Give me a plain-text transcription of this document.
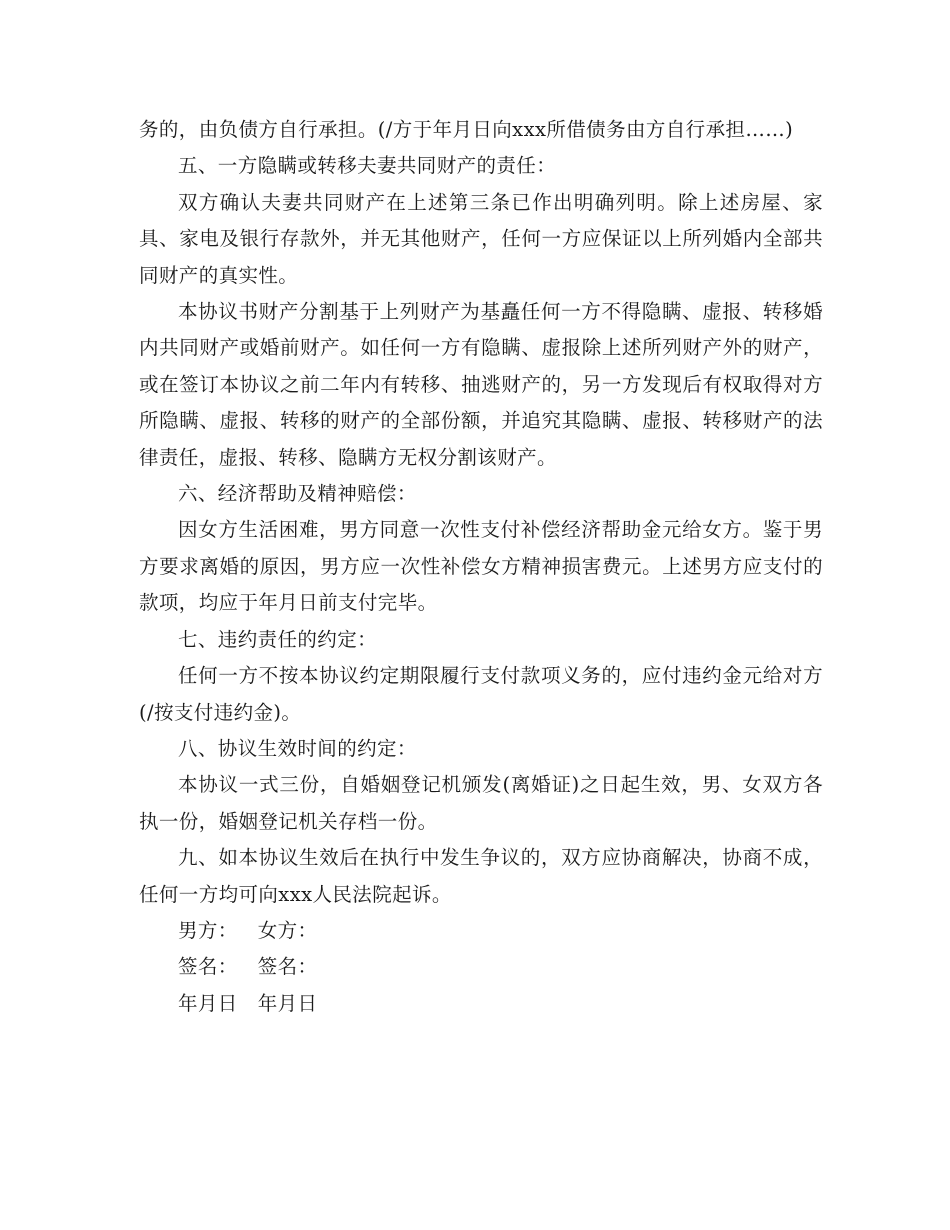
务的，由负债方自行承担。(/方于年月日向xxx所借债务由方自行承担……)

五、一方隐瞒或转移夫妻共同财产的责任：

双方确认夫妻共同财产在上述第三条已作出明确列明。除上述房屋、家具、家电及银行存款外，并无其他财产，任何一方应保证以上所列婚内全部共同财产的真实性。

本协议书财产分割基于上列财产为基矗任何一方不得隐瞒、虚报、转移婚内共同财产或婚前财产。如任何一方有隐瞒、虚报除上述所列财产外的财产，或在签订本协议之前二年内有转移、抽逃财产的，另一方发现后有权取得对方所隐瞒、虚报、转移的财产的全部份额，并追究其隐瞒、虚报、转移财产的法律责任，虚报、转移、隐瞒方无权分割该财产。

六、经济帮助及精神赔偿：

因女方生活困难，男方同意一次性支付补偿经济帮助金元给女方。鉴于男方要求离婚的原因，男方应一次性补偿女方精神损害费元。上述男方应支付的款项，均应于年月日前支付完毕。

七、违约责任的约定：

任何一方不按本协议约定期限履行支付款项义务的，应付违约金元给对方(/按支付违约金)。

八、协议生效时间的约定：

本协议一式三份，自婚姻登记机颁发(离婚证)之日起生效，男、女双方各执一份，婚姻登记机关存档一份。

九、如本协议生效后在执行中发生争议的，双方应协商解决，协商不成，任何一方均可向xxx人民法院起诉。

男方： 女方：
签名： 签名：
年月日 年月日
